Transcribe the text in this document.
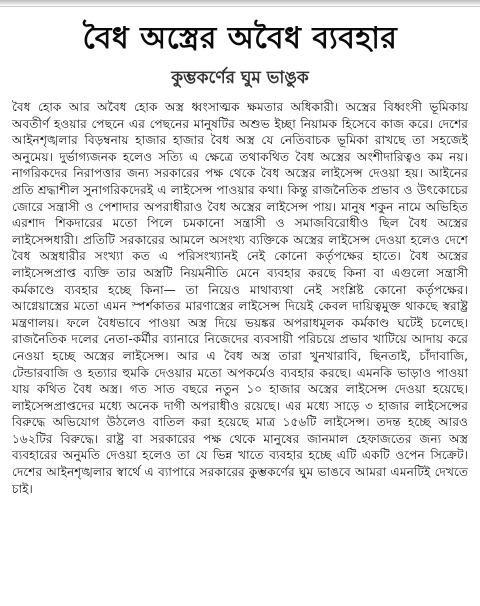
বৈধ অস্ত্রের অবৈধ ব্যবহার
কুম্ভকর্ণের ঘুম ভাঙুক

বৈধ হোক আর অবৈধ হোক অস্ত্র ধ্বংসাত্মক ক্ষমতার অধিকারী। অস্ত্রের বিধ্বংসী ভূমিকায় অবতীর্ণ হওয়ার পেছনে এর পেছনের মানুষটির অশুভ ইচ্ছা নিয়ামক হিসেবে কাজ করে। দেশের আইনশৃঙ্খলার বিড়ম্বনায় হাজার হাজার বৈধ অস্ত্র যে নেতিবাচক ভূমিকা রাখছে তা সহজেই অনুমেয়। দুর্ভাগ্যজনক হলেও সত্যি এ ক্ষেত্রে তথাকথিত বৈধ অস্ত্রের অংশীদারিত্বও কম নয়। নাগরিকদের নিরাপত্তার জন্য সরকারের পক্ষ থেকে বৈধ অস্ত্রের লাইসেন্স দেওয়া হয়। আইনের প্রতি শ্রদ্ধাশীল সুনাগরিকদেরই এ লাইসেন্স পাওয়ার কথা। কিন্তু রাজনৈতিক প্রভাব ও উৎকোচের জোরে সন্ত্রাসী ও পেশাদার অপরাধীরাও বৈধ অস্ত্রের লাইসেন্স পায়। মানুষ শকুন নামে অভিহিত এরশাদ শিকদারের মতো পিলে চমকানো সন্ত্রাসী ও সমাজবিরোধীও ছিল বৈধ অস্ত্রের লাইসেন্সধারী। প্রতিটি সরকারের আমলে অসংখ্য ব্যক্তিকে অস্ত্রের লাইসেন্স দেওয়া হলেও দেশে বৈধ অস্ত্রধারীর সংখ্যা কত এ পরিসংখ্যানই নেই কোনো কর্তৃপক্ষের হাতে। বৈধ অস্ত্রের লাইসেন্সপ্রাপ্ত ব্যক্তি তার অস্ত্রটি নিয়মনীতি মেনে ব্যবহার করছে কিনা বা এগুলো সন্ত্রাসী কর্মকাণ্ডে ব্যবহার হচ্ছে কিনা— তা নিয়েও মাথাব্যথা নেই সংশ্লিষ্ট কোনো কর্তৃপক্ষের। আগ্নেয়াস্ত্রের মতো এমন স্পর্শকাতর মারণাস্ত্রের লাইসেন্স দিয়েই কেবল দায়িত্বমুক্ত থাকছে স্বরাষ্ট্র মন্ত্রণালয়। ফলে বৈধভাবে পাওয়া অস্ত্র দিয়ে ভয়ঙ্কর অপরাধমূলক কর্মকাণ্ড ঘটেই চলেছে। রাজনৈতিক দলের নেতা-কর্মীর ব্যানারে নিজেদের ব্যবসায়ী পরিচয়ে প্রভাব খাটিয়ে আদায় করে নেওয়া হচ্ছে অস্ত্রের লাইসেন্স। আর এ বৈধ অস্ত্র তারা খুনখারাবি, ছিনতাই, চাঁদাবাজি, টেন্ডারবাজি ও হত্যার হুমকি দেওয়ার মতো অপকর্মেও ব্যবহার করছে। এমনকি ভাড়াও পাওয়া যায় কথিত বৈধ অস্ত্র। গত সাত বছরে নতুন ১০ হাজার অস্ত্রের লাইসেন্স দেওয়া হয়েছে। লাইসেন্সপ্রাপ্তদের মধ্যে অনেক দাগী অপরাধীও রয়েছে। এর মধ্যে সাড়ে ৩ হাজার লাইসেন্সের বিরুদ্ধে অভিযোগ উঠলেও বাতিল করা হয়েছে মাত্র ১৫৬টি লাইসেন্স। তদন্ত হচ্ছে আরও ১৬২টির বিরুদ্ধে। রাষ্ট্র বা সরকারের পক্ষ থেকে মানুষের জানমাল হেফাজতের জন্য অস্ত্র ব্যবহারের অনুমতি দেওয়া হলেও তা যে ভিন্ন খাতে ব্যবহার হচ্ছে এটি একটি ওপেন সিক্রেট। দেশের আইনশৃঙ্খলার স্বার্থে এ ব্যাপারে সরকারের কুম্ভকর্ণের ঘুম ভাঙবে আমরা এমনটিই দেখতে চাই।
